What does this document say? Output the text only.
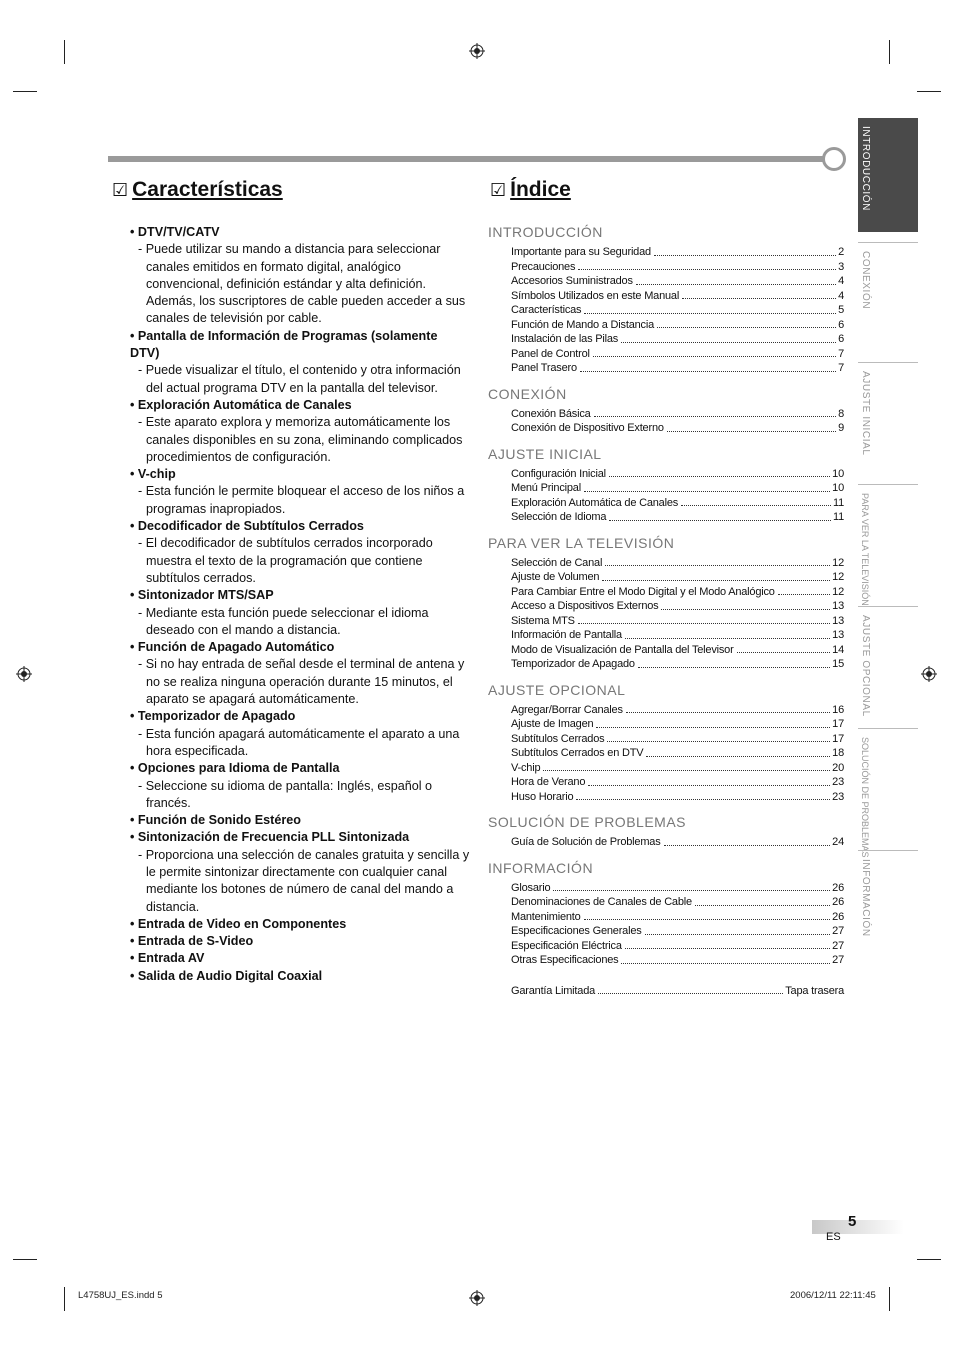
INTRODUCCIÓN
CONEXIÓN
AJUSTE INICIAL
PARA VER LA TELEVISIÓN
AJUSTE OPCIONAL
SOLUCIÓN DE PROBLEMAS
INFORMACIÓN
☑ Características	☑ Índice
• DTV/TV/CATV
- Puede utilizar su mando a distancia para seleccionar canales emitidos en formato digital, analógico convencional, definición estándar y alta definición. Además, los suscriptores de cable pueden acceder a sus canales de televisión por cable.
• Pantalla de Información de Programas (solamente DTV)
- Puede visualizar el título, el contenido y otra información del actual programa DTV en la pantalla del televisor.
• Exploración Automática de Canales
- Este aparato explora y memoriza automáticamente los canales disponibles en su zona, eliminando complicados procedimientos de configuración.
• V-chip
- Esta función le permite bloquear el acceso de los niños a programas inapropiados.
• Decodificador de Subtítulos Cerrados
- El decodificador de subtítulos cerrados incorporado muestra el texto de la programación que contiene subtítulos cerrados.
• Sintonizador MTS/SAP
- Mediante esta función puede seleccionar el idioma deseado con el mando a distancia.
• Función de Apagado Automático
- Si no hay entrada de señal desde el terminal de antena y no se realiza ninguna operación durante 15 minutos, el aparato se apagará automáticamente.
• Temporizador de Apagado
- Esta función apagará automáticamente el aparato a una hora especificada.
• Opciones para Idioma de Pantalla
- Seleccione su idioma de pantalla: Inglés, español o francés.
• Función de Sonido Estéreo
• Sintonización de Frecuencia PLL Sintonizada
- Proporciona una selección de canales gratuita y sencilla y le permite sintonizar directamente con cualquier canal mediante los botones de número de canal del mando a distancia.
• Entrada de Video en Componentes
• Entrada de S-Video
• Entrada AV
• Salida de Audio Digital Coaxial
INTRODUCCIÓN
Importante para su Seguridad	2
Precauciones	3
Accesorios Suministrados	4
Símbolos Utilizados en este Manual	4
Características	5
Función de Mando a Distancia	6
Instalación de las Pilas	6
Panel de Control	7
Panel Trasero	7
CONEXIÓN
Conexión Básica	8
Conexión de Dispositivo Externo	9
AJUSTE INICIAL
Configuración Inicial	10
Menú Principal	10
Exploración Automática de Canales	11
Selección de Idioma	11
PARA VER LA TELEVISIÓN
Selección de Canal	12
Ajuste de Volumen	12
Para Cambiar Entre el Modo Digital y el Modo Analógico	12
Acceso a Dispositivos Externos	13
Sistema MTS	13
Información de Pantalla	13
Modo de Visualización de Pantalla del Televisor	14
Temporizador de Apagado	15
AJUSTE OPCIONAL
Agregar/Borrar Canales	16
Ajuste de Imagen	17
Subtítulos Cerrados	17
Subtítulos Cerrados en DTV	18
V-chip	20
Hora de Verano	23
Huso Horario	23
SOLUCIÓN DE PROBLEMAS
Guía de Solución de Problemas	24
INFORMACIÓN
Glosario	26
Denominaciones de Canales de Cable	26
Mantenimiento	26
Especificaciones Generales	27
Especificación Eléctrica	27
Otras Especificaciones	27
Garantía Limitada	Tapa trasera
5
ES
L4758UJ_ES.indd 5	2006/12/11 22:11:45
